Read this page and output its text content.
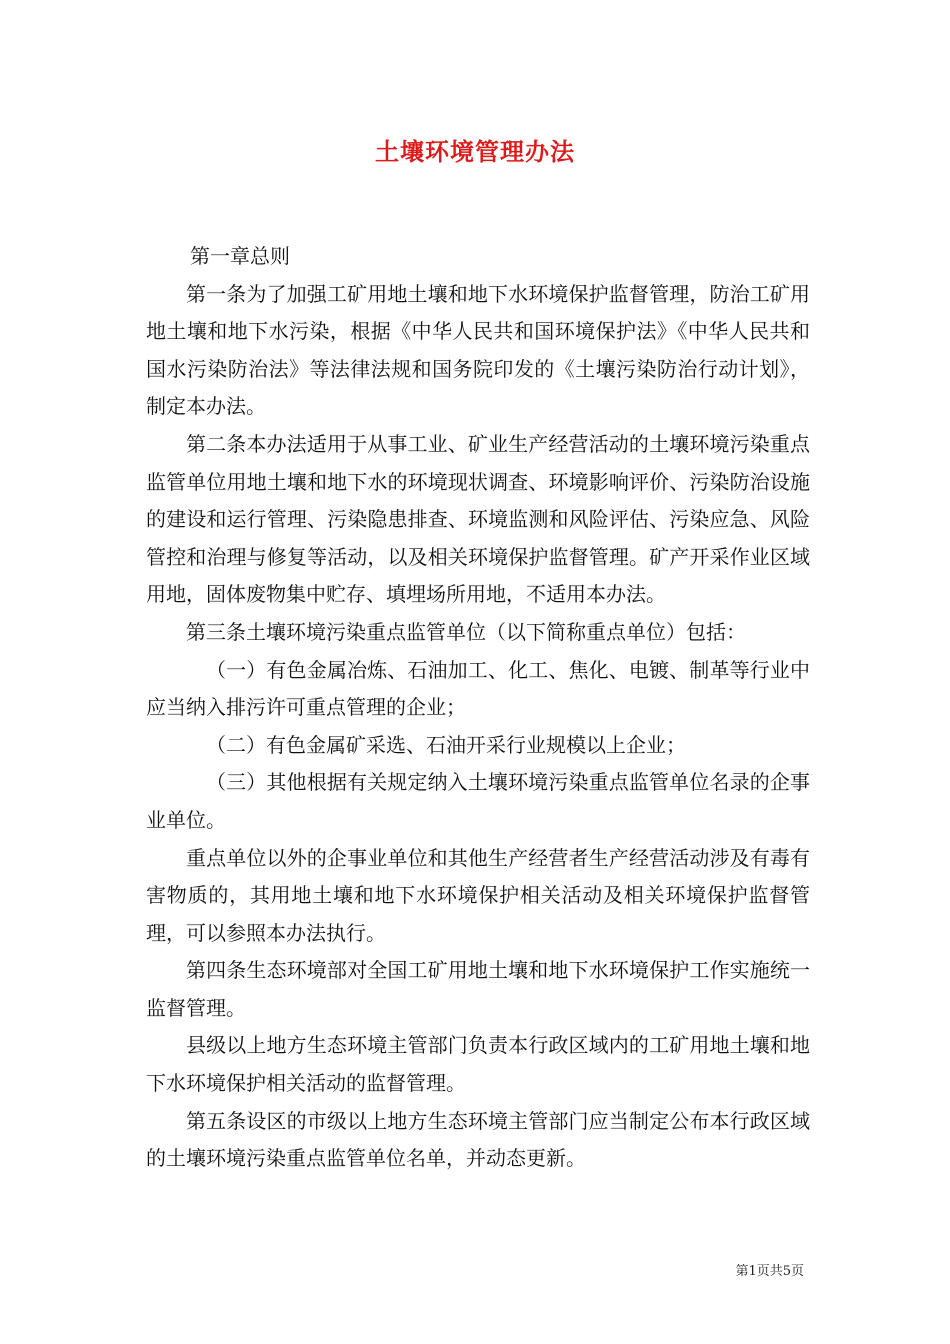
土壤环境管理办法

第一章总则

第一条为了加强工矿用地土壤和地下水环境保护监督管理，防治工矿用地土壤和地下水污染，根据《中华人民共和国环境保护法》《中华人民共和国水污染防治法》等法律法规和国务院印发的《土壤污染防治行动计划》，制定本办法。

第二条本办法适用于从事工业、矿业生产经营活动的土壤环境污染重点监管单位用地土壤和地下水的环境现状调查、环境影响评价、污染防治设施的建设和运行管理、污染隐患排查、环境监测和风险评估、污染应急、风险管控和治理与修复等活动，以及相关环境保护监督管理。矿产开采作业区域用地，固体废物集中贮存、填埋场所用地，不适用本办法。

第三条土壤环境污染重点监管单位（以下简称重点单位）包括：

（一）有色金属冶炼、石油加工、化工、焦化、电镀、制革等行业中应当纳入排污许可重点管理的企业；

（二）有色金属矿采选、石油开采行业规模以上企业；

（三）其他根据有关规定纳入土壤环境污染重点监管单位名录的企事业单位。

重点单位以外的企事业单位和其他生产经营者生产经营活动涉及有毒有害物质的，其用地土壤和地下水环境保护相关活动及相关环境保护监督管理，可以参照本办法执行。

第四条生态环境部对全国工矿用地土壤和地下水环境保护工作实施统一监督管理。

县级以上地方生态环境主管部门负责本行政区域内的工矿用地土壤和地下水环境保护相关活动的监督管理。

第五条设区的市级以上地方生态环境主管部门应当制定公布本行政区域的土壤环境污染重点监管单位名单，并动态更新。

第1页共5页
